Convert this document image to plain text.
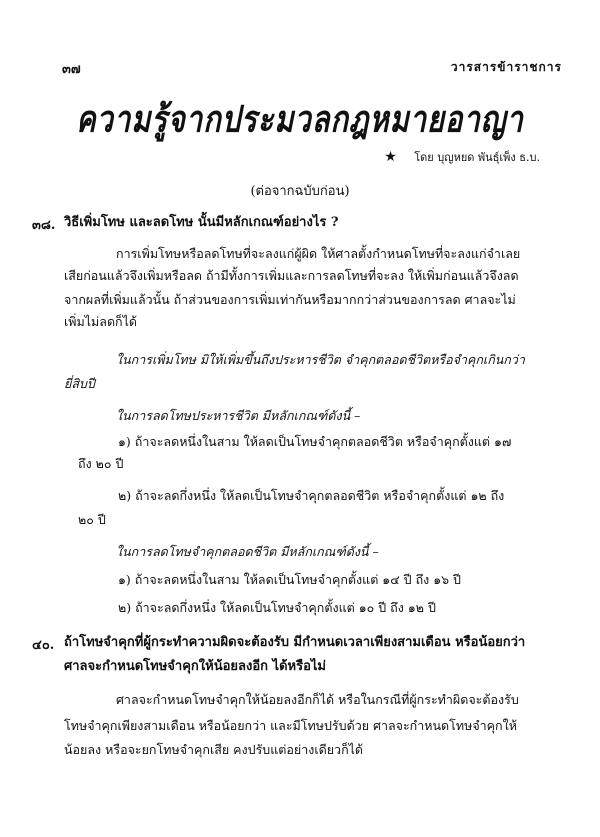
๓๗	วารสารข้าราชการ
ความรู้จากประมวลกฎหมายอาญา
★ โดย บุญหยด พันธุ์เพ็ง ธ.บ.
(ต่อจากฉบับก่อน)
๓๘. วิธีเพิ่มโทษ และลดโทษ นั้นมีหลักเกณฑ์อย่างไร ?
การเพิ่มโทษหรือลดโทษที่จะลงแก่ผู้ผิด ให้ศาลตั้งกำหนดโทษที่จะลงแก่จำเลย
เสียก่อนแล้วจึงเพิ่มหรือลด ถ้ามีทั้งการเพิ่มและการลดโทษที่จะลง ให้เพิ่มก่อนแล้วจึงลด
จากผลที่เพิ่มแล้วนั้น ถ้าส่วนของการเพิ่มเท่ากันหรือมากกว่าส่วนของการลด ศาลจะไม่
เพิ่มไม่ลดก็ได้
ในการเพิ่มโทษ มิให้เพิ่มขึ้นถึงประหารชีวิต จำคุกตลอดชีวิตหรือจำคุกเกินกว่า
ยี่สิบปี
ในการลดโทษประหารชีวิต มีหลักเกณฑ์ดังนี้ –
๑) ถ้าจะลดหนึ่งในสาม ให้ลดเป็นโทษจำคุกตลอดชีวิต หรือจำคุกตั้งแต่ ๑๗
ถึง ๒๐ ปี
๒) ถ้าจะลดกึ่งหนึ่ง ให้ลดเป็นโทษจำคุกตลอดชีวิต หรือจำคุกตั้งแต่ ๑๒ ถึง
๒๐ ปี
ในการลดโทษจำคุกตลอดชีวิต มีหลักเกณฑ์ดังนี้ –
๑) ถ้าจะลดหนึ่งในสาม ให้ลดเป็นโทษจำคุกตั้งแต่ ๑๔ ปี ถึง ๑๖ ปี
๒) ถ้าจะลดกึ่งหนึ่ง ให้ลดเป็นโทษจำคุกตั้งแต่ ๑๐ ปี ถึง ๑๒ ปี
๔๐. ถ้าโทษจำคุกที่ผู้กระทำความผิดจะต้องรับ มีกำหนดเวลาเพียงสามเดือน หรือน้อยกว่า
ศาลจะกำหนดโทษจำคุกให้น้อยลงอีก ได้หรือไม่
ศาลจะกำหนดโทษจำคุกให้น้อยลงอีกก็ได้ หรือในกรณีที่ผู้กระทำผิดจะต้องรับ
โทษจำคุกเพียงสามเดือน หรือน้อยกว่า และมีโทษปรับด้วย ศาลจะกำหนดโทษจำคุกให้
น้อยลง หรือจะยกโทษจำคุกเสีย คงปรับแต่อย่างเดียวก็ได้
